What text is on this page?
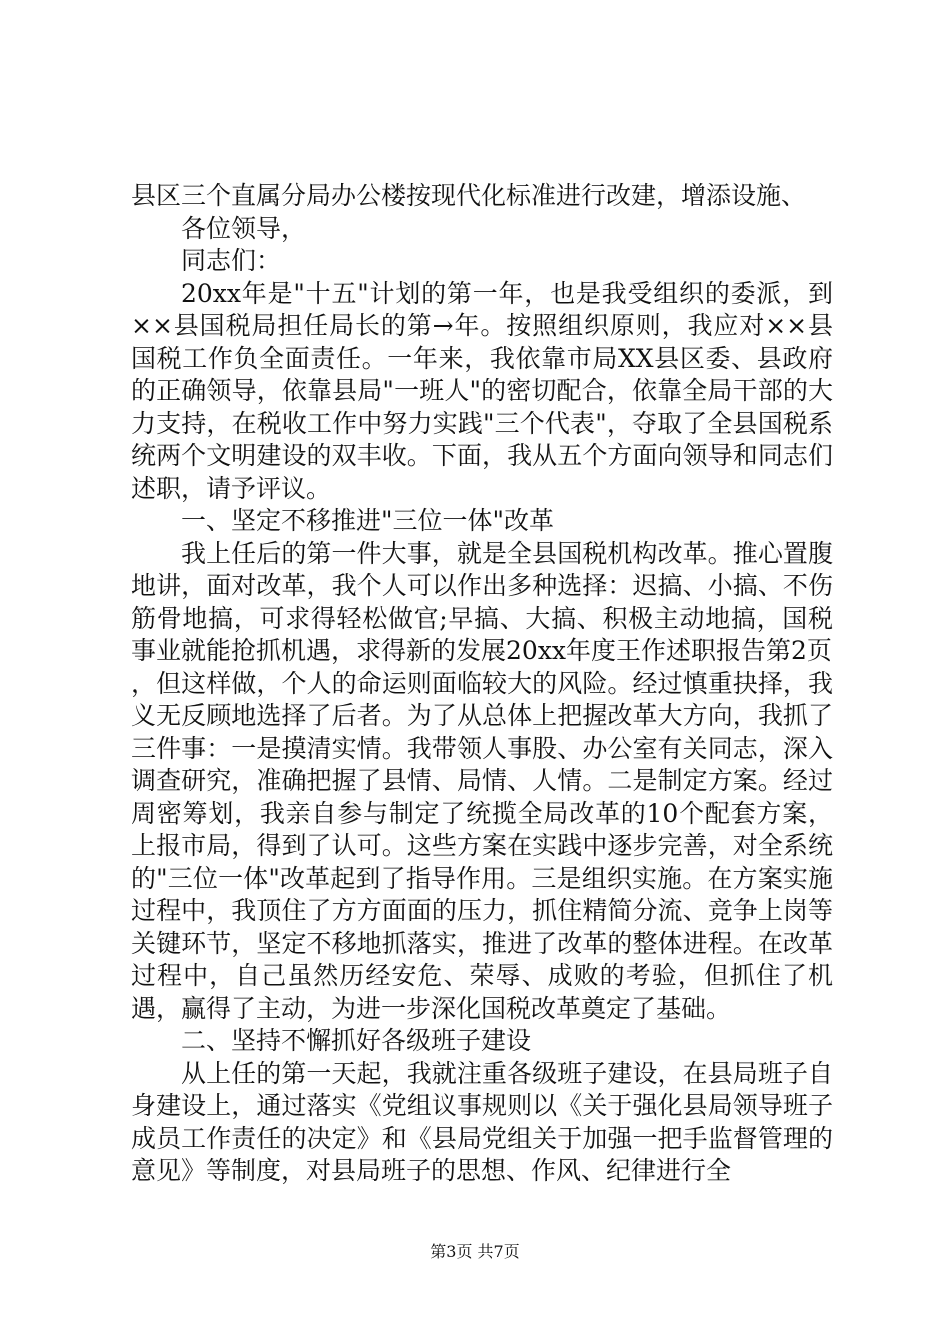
县区三个直属分局办公楼按现代化标准进行改建，增添设施、

各位领导，

同志们：

20xx年是"十五"计划的第一年，也是我受组织的委派，到××县国税局担任局长的第→年。按照组织原则，我应对××县国税工作负全面责任。一年来，我依靠市局XX县区委、县政府的正确领导，依靠县局"一班人"的密切配合，依靠全局干部的大力支持，在税收工作中努力实践"三个代表"，夺取了全县国税系统两个文明建设的双丰收。下面，我从五个方面向领导和同志们述职，请予评议。

一、坚定不移推进"三位一体"改革

我上任后的第一件大事，就是全县国税机构改革。推心置腹地讲，面对改革，我个人可以作出多种选择：迟搞、小搞、不伤筋骨地搞，可求得轻松做官;早搞、大搞、积极主动地搞，国税事业就能抢抓机遇，求得新的发展20xx年度王作述职报告第2页

，但这样做，个人的命运则面临较大的风险。经过慎重抉择，我义无反顾地选择了后者。为了从总体上把握改革大方向，我抓了三件事：一是摸清实情。我带领人事股、办公室有关同志，深入调查研究，准确把握了县情、局情、人情。二是制定方案。经过周密筹划，我亲自参与制定了统揽全局改革的10个配套方案，上报市局，得到了认可。这些方案在实践中逐步完善，对全系统的"三位一体"改革起到了指导作用。三是组织实施。在方案实施过程中，我顶住了方方面面的压力，抓住精简分流、竞争上岗等关键环节，坚定不移地抓落实，推进了改革的整体进程。在改革过程中，自己虽然历经安危、荣辱、成败的考验，但抓住了机遇，赢得了主动，为进一步深化国税改革奠定了基础。

二、坚持不懈抓好各级班子建设

从上任的第一天起，我就注重各级班子建设，在县局班子自身建设上，通过落实《党组议事规则以《关于强化县局领导班子成员工作责任的决定》和《县局党组关于加强一把手监督管理的意见》等制度，对县局班子的思想、作风、纪律进行全

第3页 共7页
